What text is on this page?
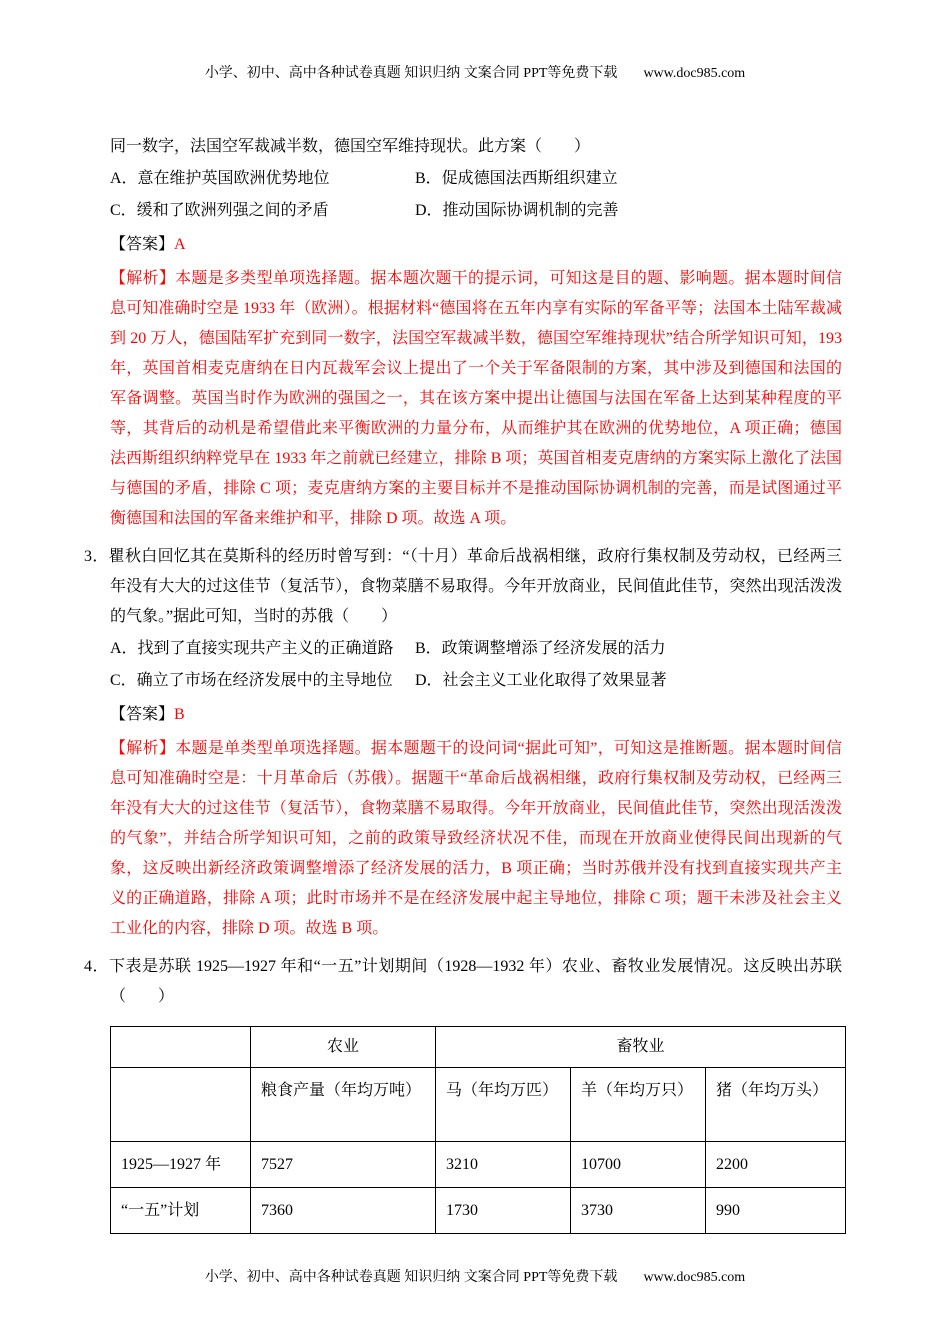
小学、初中、高中各种试卷真题 知识归纳 文案合同 PPT等免费下载 www.doc985.com

同一数字，法国空军裁减半数，德国空军维持现状。此方案（　　）

A．意在维护英国欧洲优势地位	B．促成德国法西斯组织建立
C．缓和了欧洲列强之间的矛盾	D．推动国际协调机制的完善

【答案】A

【解析】本题是多类型单项选择题。据本题次题干的提示词，可知这是目的题、影响题。据本题时间信息可知准确时空是 1933 年（欧洲）。根据材料“德国将在五年内享有实际的军备平等；法国本土陆军裁减到 20 万人，德国陆军扩充到同一数字，法国空军裁减半数，德国空军维持现状”结合所学知识可知，193 年，英国首相麦克唐纳在日内瓦裁军会议上提出了一个关于军备限制的方案，其中涉及到德国和法国的军备调整。英国当时作为欧洲的强国之一，其在该方案中提出让德国与法国在军备上达到某种程度的平等，其背后的动机是希望借此来平衡欧洲的力量分布，从而维护其在欧洲的优势地位，A 项正确；德国法西斯组织纳粹党早在 1933 年之前就已经建立，排除 B 项；英国首相麦克唐纳的方案实际上激化了法国与德国的矛盾，排除 C 项；麦克唐纳方案的主要目标并不是推动国际协调机制的完善，而是试图通过平衡德国和法国的军备来维护和平，排除 D 项。故选 A 项。

3．瞿秋白回忆其在莫斯科的经历时曾写到：“（十月）革命后战祸相继，政府行集权制及劳动权，已经两三年没有大大的过这佳节（复活节），食物菜膳不易取得。今年开放商业，民间值此佳节，突然出现活泼泼的气象。”据此可知，当时的苏俄（　　）

A．找到了直接实现共产主义的正确道路	B．政策调整增添了经济发展的活力
C．确立了市场在经济发展中的主导地位	D．社会主义工业化取得了效果显著

【答案】B

【解析】本题是单类型单项选择题。据本题题干的设问词“据此可知”，可知这是推断题。据本题时间信息可知准确时空是：十月革命后（苏俄）。据题干“革命后战祸相继，政府行集权制及劳动权，已经两三年没有大大的过这佳节（复活节），食物菜膳不易取得。今年开放商业，民间值此佳节，突然出现活泼泼的气象”，并结合所学知识可知，之前的政策导致经济状况不佳，而现在开放商业使得民间出现新的气象，这反映出新经济政策调整增添了经济发展的活力，B 项正确；当时苏俄并没有找到直接实现共产主义的正确道路，排除 A 项；此时市场并不是在经济发展中起主导地位，排除 C 项；题干未涉及社会主义工业化的内容，排除 D 项。故选 B 项。

4．下表是苏联 1925—1927 年和“一五”计划期间（1928—1932 年）农业、畜牧业发展情况。这反映出苏联（　　）

	农业	畜牧业		
	粮食产量（年均万吨）	马（年均万匹）	羊（年均万只）	猪（年均万头）
1925—1927 年	7527	3210	10700	2200
“一五”计划	7360	1730	3730	990
小学、初中、高中各种试卷真题 知识归纳 文案合同 PPT等免费下载 www.doc985.com
